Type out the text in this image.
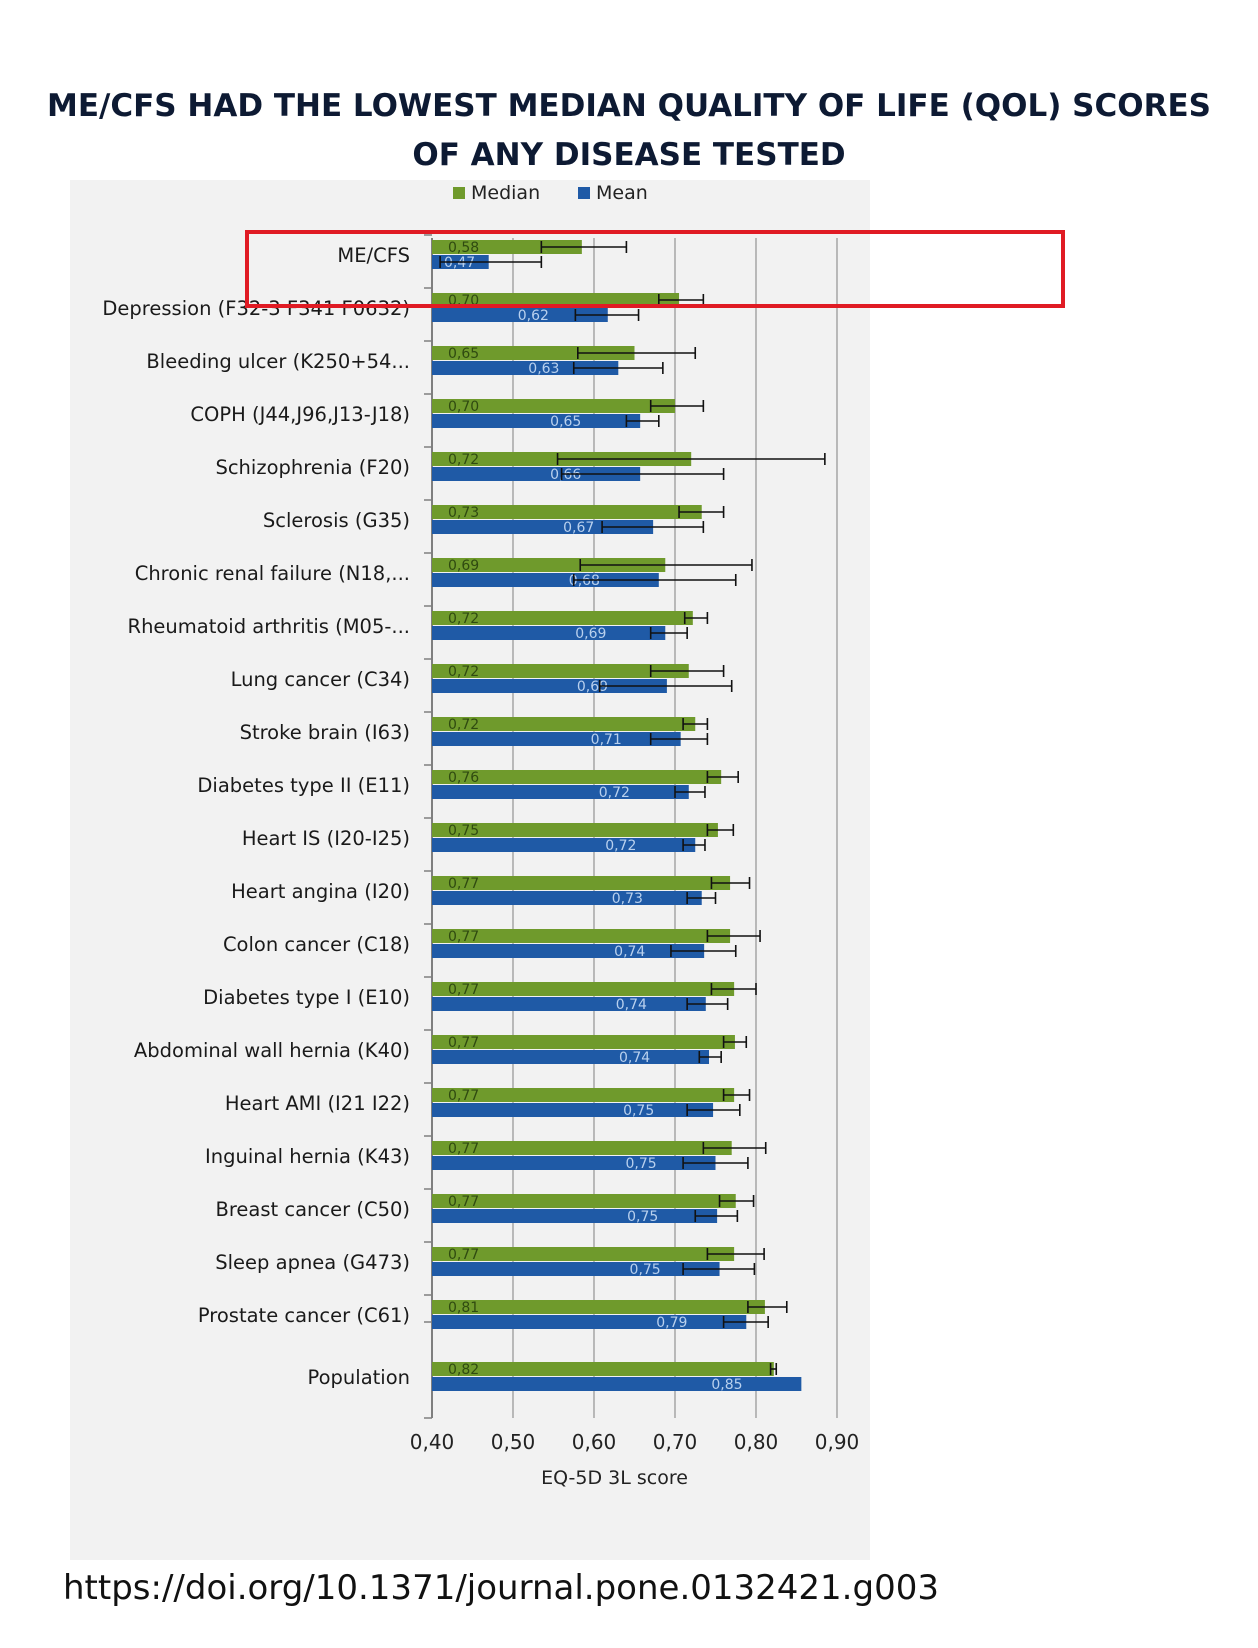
ME/CFS HAD THE LOWEST MEDIAN QUALITY OF LIFE (QOL) SCORES
OF ANY DISEASE TESTED
Median	Mean
0,40 0,50 0,60 0,70 0,80 0,90
ME/CFS	0,58
0,47
Depression (F32-3 F341 F0632)	0,70
0,62
Bleeding ulcer (K250+54...	0,65
0,63
COPH (J44,J96,J13-J18)	0,70
0,65
Schizophrenia (F20)	0,72
0,66
Sclerosis (G35)	0,73
0,67
Chronic renal failure (N18,...	0,69
0,68
Rheumatoid arthritis (M05-...	0,72
0,69
Lung cancer (C34)	0,72
0,69
Stroke brain (I63)	0,72
0,71
Diabetes type II (E11)	0,76
0,72
Heart IS (I20-I25)	0,75
0,72
Heart angina (I20)	0,77
0,73
Colon cancer (C18)	0,77
0,74
Diabetes type I (E10)	0,77
0,74
Abdominal wall hernia (K40)	0,77
0,74
Heart AMI (I21 I22)	0,77
0,75
Inguinal hernia (K43)	0,77
0,75
Breast cancer (C50)	0,77
0,75
Sleep apnea (G473)	0,77
0,75
Prostate cancer (C61)	0,81
0,79
Population	0,82
0,85
EQ-5D 3L score
https://doi.org/10.1371/journal.pone.0132421.g003
